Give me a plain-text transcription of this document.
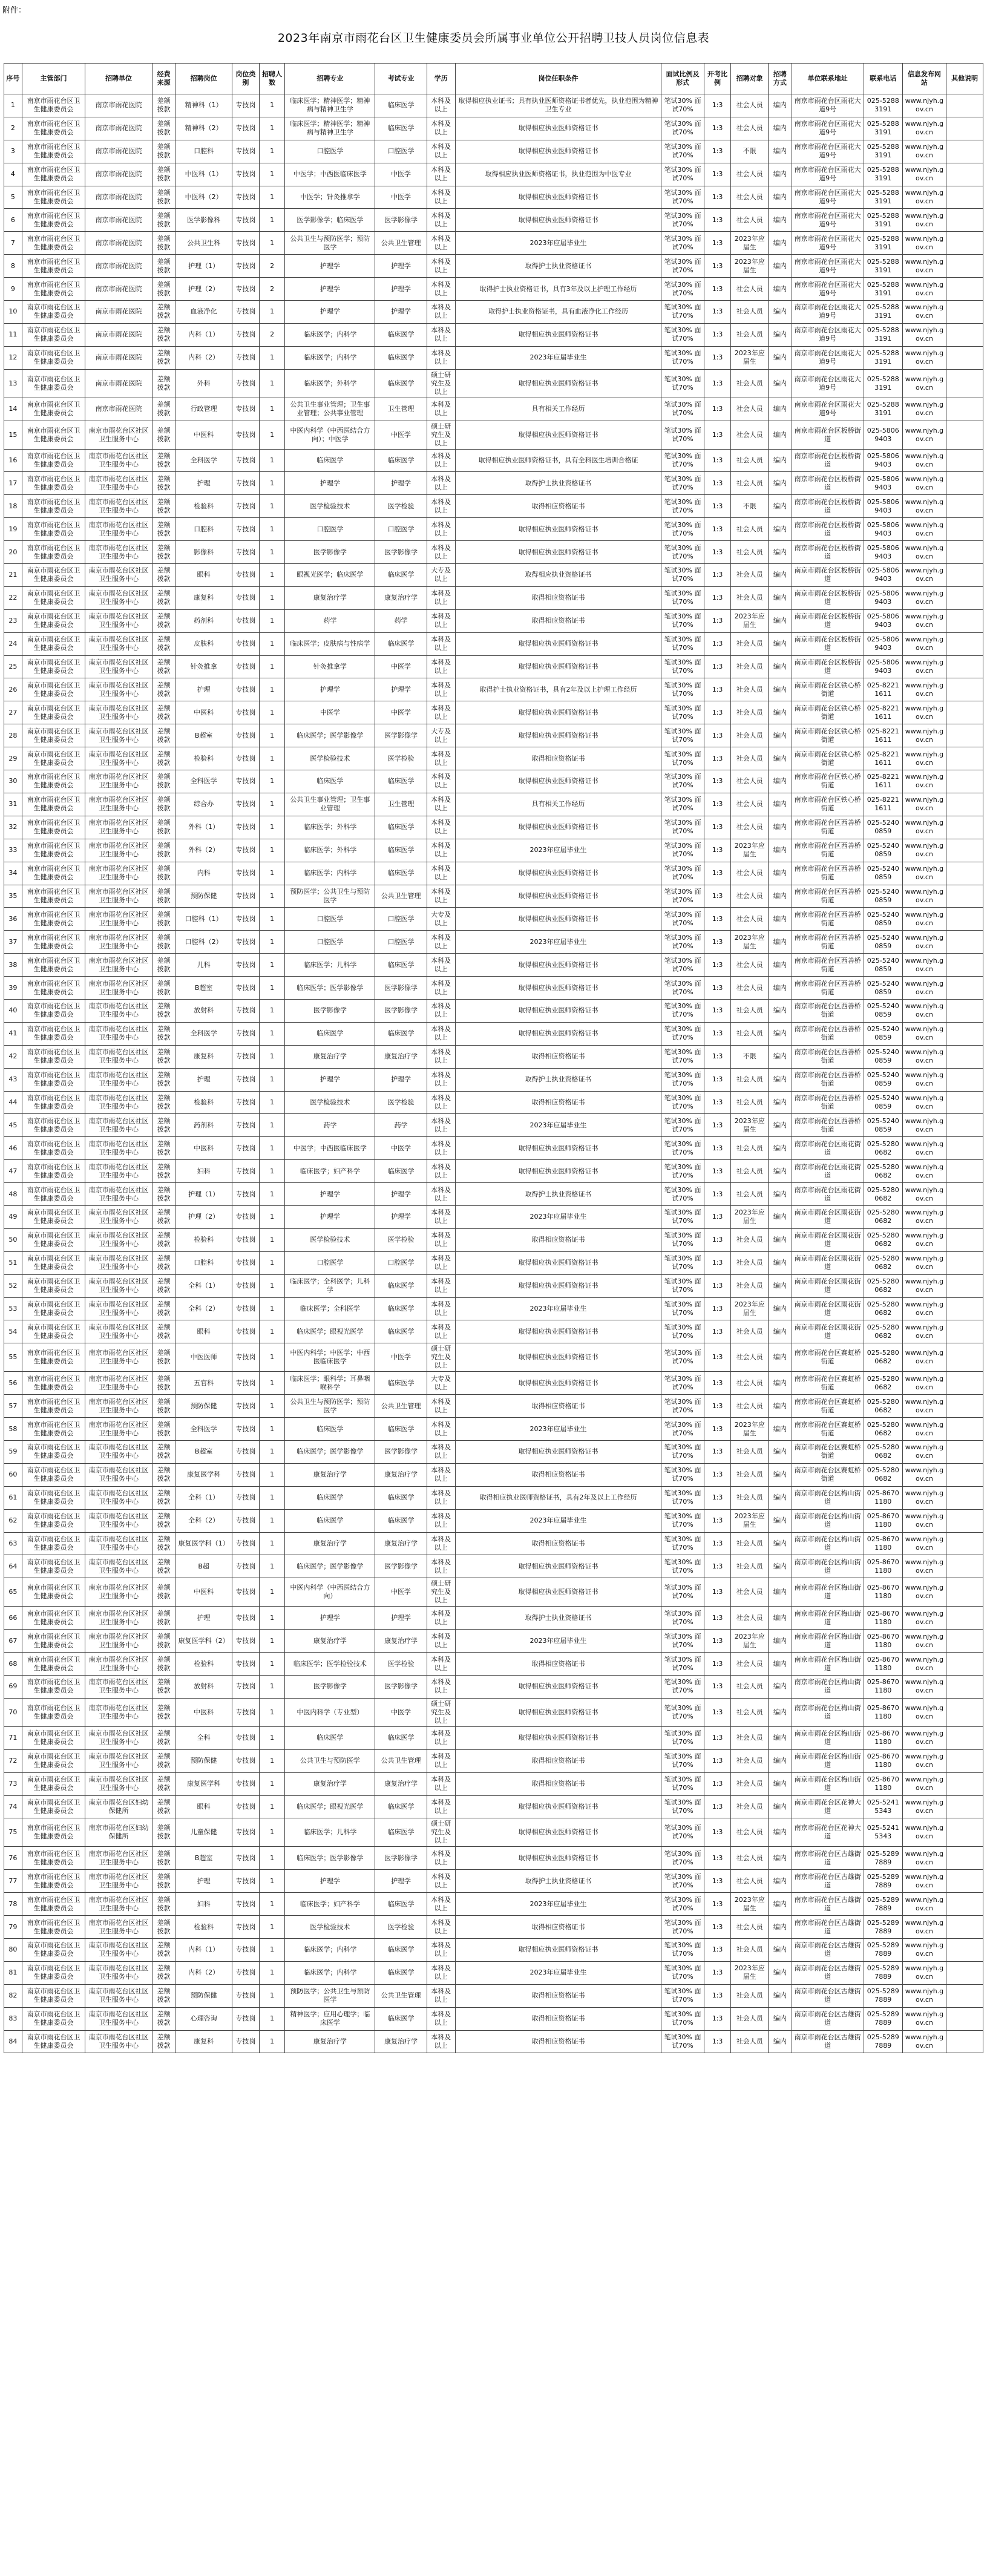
附件：
2023年南京市雨花台区卫生健康委员会所属事业单位公开招聘卫技人员岗位信息表
序号	主管部门	招聘单位	经费来源	招聘岗位	岗位类别	招聘人数	招聘专业	考试专业	学历	岗位任职条件	面试比例及形式	开考比例	招聘对象	招聘方式	单位联系地址	联系电话	信息发布网站	其他说明
1	南京市雨花台区卫生健康委员会	南京市雨花医院	差额拨款	精神科（1）	专技岗	1	临床医学；精神医学；精神病与精神卫生学	临床医学	本科及以上	取得相应执业证书；具有执业医师资格证书者优先，执业范围为精神卫生专业	笔试30% 面试70%	1:3	社会人员	编内	南京市雨花台区雨花大道9号	025-52883191	www.njyh.gov.cn	
2	南京市雨花台区卫生健康委员会	南京市雨花医院	差额拨款	精神科（2）	专技岗	1	临床医学；精神医学；精神病与精神卫生学	临床医学	本科及以上	取得相应执业医师资格证书	笔试30% 面试70%	1:3	社会人员	编内	南京市雨花台区雨花大道9号	025-52883191	www.njyh.gov.cn	
3	南京市雨花台区卫生健康委员会	南京市雨花医院	差额拨款	口腔科	专技岗	1	口腔医学	口腔医学	本科及以上	取得相应执业医师资格证书	笔试30% 面试70%	1:3	不限	编内	南京市雨花台区雨花大道9号	025-52883191	www.njyh.gov.cn	
4	南京市雨花台区卫生健康委员会	南京市雨花医院	差额拨款	中医科（1）	专技岗	1	中医学；中西医临床医学	中医学	本科及以上	取得相应执业医师资格证书，执业范围为中医专业	笔试30% 面试70%	1:3	社会人员	编内	南京市雨花台区雨花大道9号	025-52883191	www.njyh.gov.cn	
5	南京市雨花台区卫生健康委员会	南京市雨花医院	差额拨款	中医科（2）	专技岗	1	中医学；针灸推拿学	中医学	本科及以上	取得相应执业医师资格证书	笔试30% 面试70%	1:3	社会人员	编内	南京市雨花台区雨花大道9号	025-52883191	www.njyh.gov.cn	
6	南京市雨花台区卫生健康委员会	南京市雨花医院	差额拨款	医学影像科	专技岗	1	医学影像学；临床医学	医学影像学	本科及以上	取得相应执业医师资格证书	笔试30% 面试70%	1:3	社会人员	编内	南京市雨花台区雨花大道9号	025-52883191	www.njyh.gov.cn	
7	南京市雨花台区卫生健康委员会	南京市雨花医院	差额拨款	公共卫生科	专技岗	1	公共卫生与预防医学；预防医学	公共卫生管理	本科及以上	2023年应届毕业生	笔试30% 面试70%	1:3	2023年应届生	编内	南京市雨花台区雨花大道9号	025-52883191	www.njyh.gov.cn	
8	南京市雨花台区卫生健康委员会	南京市雨花医院	差额拨款	护理（1）	专技岗	2	护理学	护理学	本科及以上	取得护士执业资格证书	笔试30% 面试70%	1:3	2023年应届生	编内	南京市雨花台区雨花大道9号	025-52883191	www.njyh.gov.cn	
9	南京市雨花台区卫生健康委员会	南京市雨花医院	差额拨款	护理（2）	专技岗	2	护理学	护理学	本科及以上	取得护士执业资格证书，具有3年及以上护理工作经历	笔试30% 面试70%	1:3	社会人员	编内	南京市雨花台区雨花大道9号	025-52883191	www.njyh.gov.cn	
10	南京市雨花台区卫生健康委员会	南京市雨花医院	差额拨款	血液净化	专技岗	1	护理学	护理学	本科及以上	取得护士执业资格证书，具有血液净化工作经历	笔试30% 面试70%	1:3	社会人员	编内	南京市雨花台区雨花大道9号	025-52883191	www.njyh.gov.cn	
11	南京市雨花台区卫生健康委员会	南京市雨花医院	差额拨款	内科（1）	专技岗	2	临床医学；内科学	临床医学	本科及以上	取得相应执业医师资格证书	笔试30% 面试70%	1:3	社会人员	编内	南京市雨花台区雨花大道9号	025-52883191	www.njyh.gov.cn	
12	南京市雨花台区卫生健康委员会	南京市雨花医院	差额拨款	内科（2）	专技岗	1	临床医学；内科学	临床医学	本科及以上	2023年应届毕业生	笔试30% 面试70%	1:3	2023年应届生	编内	南京市雨花台区雨花大道9号	025-52883191	www.njyh.gov.cn	
13	南京市雨花台区卫生健康委员会	南京市雨花医院	差额拨款	外科	专技岗	1	临床医学；外科学	临床医学	硕士研究生及以上	取得相应执业医师资格证书	笔试30% 面试70%	1:3	社会人员	编内	南京市雨花台区雨花大道9号	025-52883191	www.njyh.gov.cn	
14	南京市雨花台区卫生健康委员会	南京市雨花医院	差额拨款	行政管理	专技岗	1	公共卫生事业管理；卫生事业管理；公共事业管理	卫生管理	本科及以上	具有相关工作经历	笔试30% 面试70%	1:3	社会人员	编内	南京市雨花台区雨花大道9号	025-52883191	www.njyh.gov.cn	
15	南京市雨花台区卫生健康委员会	南京市雨花台区社区卫生服务中心	差额拨款	中医科	专技岗	1	中医内科学（中西医结合方向）；中医学	中医学	硕士研究生及以上	取得相应执业医师资格证书	笔试30% 面试70%	1:3	社会人员	编内	南京市雨花台区板桥街道	025-58069403	www.njyh.gov.cn	
16	南京市雨花台区卫生健康委员会	南京市雨花台区社区卫生服务中心	差额拨款	全科医学	专技岗	1	临床医学	临床医学	本科及以上	取得相应执业医师资格证书，具有全科医生培训合格证	笔试30% 面试70%	1:3	社会人员	编内	南京市雨花台区板桥街道	025-58069403	www.njyh.gov.cn	
17	南京市雨花台区卫生健康委员会	南京市雨花台区社区卫生服务中心	差额拨款	护理	专技岗	1	护理学	护理学	本科及以上	取得护士执业资格证书	笔试30% 面试70%	1:3	社会人员	编内	南京市雨花台区板桥街道	025-58069403	www.njyh.gov.cn	
18	南京市雨花台区卫生健康委员会	南京市雨花台区社区卫生服务中心	差额拨款	检验科	专技岗	1	医学检验技术	医学检验	本科及以上	取得相应资格证书	笔试30% 面试70%	1:3	不限	编内	南京市雨花台区板桥街道	025-58069403	www.njyh.gov.cn	
19	南京市雨花台区卫生健康委员会	南京市雨花台区社区卫生服务中心	差额拨款	口腔科	专技岗	1	口腔医学	口腔医学	本科及以上	取得相应执业医师资格证书	笔试30% 面试70%	1:3	社会人员	编内	南京市雨花台区板桥街道	025-58069403	www.njyh.gov.cn	
20	南京市雨花台区卫生健康委员会	南京市雨花台区社区卫生服务中心	差额拨款	影像科	专技岗	1	医学影像学	医学影像学	本科及以上	取得相应执业医师资格证书	笔试30% 面试70%	1:3	社会人员	编内	南京市雨花台区板桥街道	025-58069403	www.njyh.gov.cn	
21	南京市雨花台区卫生健康委员会	南京市雨花台区社区卫生服务中心	差额拨款	眼科	专技岗	1	眼视光医学；临床医学	临床医学	大专及以上	取得相应执业资格证书	笔试30% 面试70%	1:3	社会人员	编内	南京市雨花台区板桥街道	025-58069403	www.njyh.gov.cn	
22	南京市雨花台区卫生健康委员会	南京市雨花台区社区卫生服务中心	差额拨款	康复科	专技岗	1	康复治疗学	康复治疗学	本科及以上	取得相应资格证书	笔试30% 面试70%	1:3	社会人员	编内	南京市雨花台区板桥街道	025-58069403	www.njyh.gov.cn	
23	南京市雨花台区卫生健康委员会	南京市雨花台区社区卫生服务中心	差额拨款	药剂科	专技岗	1	药学	药学	本科及以上	取得相应资格证书	笔试30% 面试70%	1:3	2023年应届生	编内	南京市雨花台区板桥街道	025-58069403	www.njyh.gov.cn	
24	南京市雨花台区卫生健康委员会	南京市雨花台区社区卫生服务中心	差额拨款	皮肤科	专技岗	1	临床医学；皮肤病与性病学	临床医学	本科及以上	取得相应执业医师资格证书	笔试30% 面试70%	1:3	社会人员	编内	南京市雨花台区板桥街道	025-58069403	www.njyh.gov.cn	
25	南京市雨花台区卫生健康委员会	南京市雨花台区社区卫生服务中心	差额拨款	针灸推拿	专技岗	1	针灸推拿学	中医学	本科及以上	取得相应执业医师资格证书	笔试30% 面试70%	1:3	社会人员	编内	南京市雨花台区板桥街道	025-58069403	www.njyh.gov.cn	
26	南京市雨花台区卫生健康委员会	南京市雨花台区社区卫生服务中心	差额拨款	护理	专技岗	1	护理学	护理学	本科及以上	取得护士执业资格证书，具有2年及以上护理工作经历	笔试30% 面试70%	1:3	社会人员	编内	南京市雨花台区铁心桥街道	025-82211611	www.njyh.gov.cn	
27	南京市雨花台区卫生健康委员会	南京市雨花台区社区卫生服务中心	差额拨款	中医科	专技岗	1	中医学	中医学	本科及以上	取得相应执业医师资格证书	笔试30% 面试70%	1:3	社会人员	编内	南京市雨花台区铁心桥街道	025-82211611	www.njyh.gov.cn	
28	南京市雨花台区卫生健康委员会	南京市雨花台区社区卫生服务中心	差额拨款	B超室	专技岗	1	临床医学；医学影像学	医学影像学	大专及以上	取得相应执业医师资格证书	笔试30% 面试70%	1:3	社会人员	编内	南京市雨花台区铁心桥街道	025-82211611	www.njyh.gov.cn	
29	南京市雨花台区卫生健康委员会	南京市雨花台区社区卫生服务中心	差额拨款	检验科	专技岗	1	医学检验技术	医学检验	本科及以上	取得相应资格证书	笔试30% 面试70%	1:3	社会人员	编内	南京市雨花台区铁心桥街道	025-82211611	www.njyh.gov.cn	
30	南京市雨花台区卫生健康委员会	南京市雨花台区社区卫生服务中心	差额拨款	全科医学	专技岗	1	临床医学	临床医学	本科及以上	取得相应执业医师资格证书	笔试30% 面试70%	1:3	社会人员	编内	南京市雨花台区铁心桥街道	025-82211611	www.njyh.gov.cn	
31	南京市雨花台区卫生健康委员会	南京市雨花台区社区卫生服务中心	差额拨款	综合办	专技岗	1	公共卫生事业管理；卫生事业管理	卫生管理	本科及以上	具有相关工作经历	笔试30% 面试70%	1:3	社会人员	编内	南京市雨花台区铁心桥街道	025-82211611	www.njyh.gov.cn	
32	南京市雨花台区卫生健康委员会	南京市雨花台区社区卫生服务中心	差额拨款	外科（1）	专技岗	1	临床医学；外科学	临床医学	本科及以上	取得相应执业医师资格证书	笔试30% 面试70%	1:3	社会人员	编内	南京市雨花台区西善桥街道	025-52400859	www.njyh.gov.cn	
33	南京市雨花台区卫生健康委员会	南京市雨花台区社区卫生服务中心	差额拨款	外科（2）	专技岗	1	临床医学；外科学	临床医学	本科及以上	2023年应届毕业生	笔试30% 面试70%	1:3	2023年应届生	编内	南京市雨花台区西善桥街道	025-52400859	www.njyh.gov.cn	
34	南京市雨花台区卫生健康委员会	南京市雨花台区社区卫生服务中心	差额拨款	内科	专技岗	1	临床医学；内科学	临床医学	本科及以上	取得相应执业医师资格证书	笔试30% 面试70%	1:3	社会人员	编内	南京市雨花台区西善桥街道	025-52400859	www.njyh.gov.cn	
35	南京市雨花台区卫生健康委员会	南京市雨花台区社区卫生服务中心	差额拨款	预防保健	专技岗	1	预防医学；公共卫生与预防医学	公共卫生管理	本科及以上	取得相应执业医师资格证书	笔试30% 面试70%	1:3	社会人员	编内	南京市雨花台区西善桥街道	025-52400859	www.njyh.gov.cn	
36	南京市雨花台区卫生健康委员会	南京市雨花台区社区卫生服务中心	差额拨款	口腔科（1）	专技岗	1	口腔医学	口腔医学	大专及以上	取得相应执业医师资格证书	笔试30% 面试70%	1:3	社会人员	编内	南京市雨花台区西善桥街道	025-52400859	www.njyh.gov.cn	
37	南京市雨花台区卫生健康委员会	南京市雨花台区社区卫生服务中心	差额拨款	口腔科（2）	专技岗	1	口腔医学	口腔医学	本科及以上	2023年应届毕业生	笔试30% 面试70%	1:3	2023年应届生	编内	南京市雨花台区西善桥街道	025-52400859	www.njyh.gov.cn	
38	南京市雨花台区卫生健康委员会	南京市雨花台区社区卫生服务中心	差额拨款	儿科	专技岗	1	临床医学；儿科学	临床医学	本科及以上	取得相应执业医师资格证书	笔试30% 面试70%	1:3	社会人员	编内	南京市雨花台区西善桥街道	025-52400859	www.njyh.gov.cn	
39	南京市雨花台区卫生健康委员会	南京市雨花台区社区卫生服务中心	差额拨款	B超室	专技岗	1	临床医学；医学影像学	医学影像学	本科及以上	取得相应执业医师资格证书	笔试30% 面试70%	1:3	社会人员	编内	南京市雨花台区西善桥街道	025-52400859	www.njyh.gov.cn	
40	南京市雨花台区卫生健康委员会	南京市雨花台区社区卫生服务中心	差额拨款	放射科	专技岗	1	医学影像学	医学影像学	本科及以上	取得相应执业医师资格证书	笔试30% 面试70%	1:3	社会人员	编内	南京市雨花台区西善桥街道	025-52400859	www.njyh.gov.cn	
41	南京市雨花台区卫生健康委员会	南京市雨花台区社区卫生服务中心	差额拨款	全科医学	专技岗	1	临床医学	临床医学	本科及以上	取得相应执业医师资格证书	笔试30% 面试70%	1:3	社会人员	编内	南京市雨花台区西善桥街道	025-52400859	www.njyh.gov.cn	
42	南京市雨花台区卫生健康委员会	南京市雨花台区社区卫生服务中心	差额拨款	康复科	专技岗	1	康复治疗学	康复治疗学	本科及以上	取得相应资格证书	笔试30% 面试70%	1:3	不限	编内	南京市雨花台区西善桥街道	025-52400859	www.njyh.gov.cn	
43	南京市雨花台区卫生健康委员会	南京市雨花台区社区卫生服务中心	差额拨款	护理	专技岗	1	护理学	护理学	本科及以上	取得护士执业资格证书	笔试30% 面试70%	1:3	社会人员	编内	南京市雨花台区西善桥街道	025-52400859	www.njyh.gov.cn	
44	南京市雨花台区卫生健康委员会	南京市雨花台区社区卫生服务中心	差额拨款	检验科	专技岗	1	医学检验技术	医学检验	本科及以上	取得相应资格证书	笔试30% 面试70%	1:3	社会人员	编内	南京市雨花台区西善桥街道	025-52400859	www.njyh.gov.cn	
45	南京市雨花台区卫生健康委员会	南京市雨花台区社区卫生服务中心	差额拨款	药剂科	专技岗	1	药学	药学	本科及以上	2023年应届毕业生	笔试30% 面试70%	1:3	2023年应届生	编内	南京市雨花台区西善桥街道	025-52400859	www.njyh.gov.cn	
46	南京市雨花台区卫生健康委员会	南京市雨花台区社区卫生服务中心	差额拨款	中医科	专技岗	1	中医学；中西医临床医学	中医学	本科及以上	取得相应执业医师资格证书	笔试30% 面试70%	1:3	社会人员	编内	南京市雨花台区雨花街道	025-52800682	www.njyh.gov.cn	
47	南京市雨花台区卫生健康委员会	南京市雨花台区社区卫生服务中心	差额拨款	妇科	专技岗	1	临床医学；妇产科学	临床医学	本科及以上	取得相应执业医师资格证书	笔试30% 面试70%	1:3	社会人员	编内	南京市雨花台区雨花街道	025-52800682	www.njyh.gov.cn	
48	南京市雨花台区卫生健康委员会	南京市雨花台区社区卫生服务中心	差额拨款	护理（1）	专技岗	1	护理学	护理学	本科及以上	取得护士执业资格证书	笔试30% 面试70%	1:3	社会人员	编内	南京市雨花台区雨花街道	025-52800682	www.njyh.gov.cn	
49	南京市雨花台区卫生健康委员会	南京市雨花台区社区卫生服务中心	差额拨款	护理（2）	专技岗	1	护理学	护理学	本科及以上	2023年应届毕业生	笔试30% 面试70%	1:3	2023年应届生	编内	南京市雨花台区雨花街道	025-52800682	www.njyh.gov.cn	
50	南京市雨花台区卫生健康委员会	南京市雨花台区社区卫生服务中心	差额拨款	检验科	专技岗	1	医学检验技术	医学检验	本科及以上	取得相应资格证书	笔试30% 面试70%	1:3	社会人员	编内	南京市雨花台区雨花街道	025-52800682	www.njyh.gov.cn	
51	南京市雨花台区卫生健康委员会	南京市雨花台区社区卫生服务中心	差额拨款	口腔科	专技岗	1	口腔医学	口腔医学	本科及以上	取得相应执业医师资格证书	笔试30% 面试70%	1:3	社会人员	编内	南京市雨花台区雨花街道	025-52800682	www.njyh.gov.cn	
52	南京市雨花台区卫生健康委员会	南京市雨花台区社区卫生服务中心	差额拨款	全科（1）	专技岗	1	临床医学；全科医学；儿科学	临床医学	本科及以上	取得相应执业医师资格证书	笔试30% 面试70%	1:3	社会人员	编内	南京市雨花台区雨花街道	025-52800682	www.njyh.gov.cn	
53	南京市雨花台区卫生健康委员会	南京市雨花台区社区卫生服务中心	差额拨款	全科（2）	专技岗	1	临床医学；全科医学	临床医学	本科及以上	2023年应届毕业生	笔试30% 面试70%	1:3	2023年应届生	编内	南京市雨花台区雨花街道	025-52800682	www.njyh.gov.cn	
54	南京市雨花台区卫生健康委员会	南京市雨花台区社区卫生服务中心	差额拨款	眼科	专技岗	1	临床医学；眼视光医学	临床医学	本科及以上	取得相应执业医师资格证书	笔试30% 面试70%	1:3	社会人员	编内	南京市雨花台区雨花街道	025-52800682	www.njyh.gov.cn	
55	南京市雨花台区卫生健康委员会	南京市雨花台区社区卫生服务中心	差额拨款	中医医师	专技岗	1	中医内科学；中医学；中西医临床医学	中医学	硕士研究生及以上	取得相应执业医师资格证书	笔试30% 面试70%	1:3	社会人员	编内	南京市雨花台区赛虹桥街道	025-52800682	www.njyh.gov.cn	
56	南京市雨花台区卫生健康委员会	南京市雨花台区社区卫生服务中心	差额拨款	五官科	专技岗	1	临床医学；眼科学；耳鼻咽喉科学	临床医学	大专及以上	取得相应执业医师资格证书	笔试30% 面试70%	1:3	社会人员	编内	南京市雨花台区赛虹桥街道	025-52800682	www.njyh.gov.cn	
57	南京市雨花台区卫生健康委员会	南京市雨花台区社区卫生服务中心	差额拨款	预防保健	专技岗	1	公共卫生与预防医学；预防医学	公共卫生管理	本科及以上	取得相应资格证书	笔试30% 面试70%	1:3	社会人员	编内	南京市雨花台区赛虹桥街道	025-52800682	www.njyh.gov.cn	
58	南京市雨花台区卫生健康委员会	南京市雨花台区社区卫生服务中心	差额拨款	全科医学	专技岗	1	临床医学	临床医学	本科及以上	2023年应届毕业生	笔试30% 面试70%	1:3	2023年应届生	编内	南京市雨花台区赛虹桥街道	025-52800682	www.njyh.gov.cn	
59	南京市雨花台区卫生健康委员会	南京市雨花台区社区卫生服务中心	差额拨款	B超室	专技岗	1	临床医学；医学影像学	医学影像学	本科及以上	取得相应执业医师资格证书	笔试30% 面试70%	1:3	社会人员	编内	南京市雨花台区赛虹桥街道	025-52800682	www.njyh.gov.cn	
60	南京市雨花台区卫生健康委员会	南京市雨花台区社区卫生服务中心	差额拨款	康复医学科	专技岗	1	康复治疗学	康复治疗学	本科及以上	取得相应资格证书	笔试30% 面试70%	1:3	社会人员	编内	南京市雨花台区赛虹桥街道	025-52800682	www.njyh.gov.cn	
61	南京市雨花台区卫生健康委员会	南京市雨花台区社区卫生服务中心	差额拨款	全科（1）	专技岗	1	临床医学	临床医学	本科及以上	取得相应执业医师资格证书，具有2年及以上工作经历	笔试30% 面试70%	1:3	社会人员	编内	南京市雨花台区梅山街道	025-86701180	www.njyh.gov.cn	
62	南京市雨花台区卫生健康委员会	南京市雨花台区社区卫生服务中心	差额拨款	全科（2）	专技岗	1	临床医学	临床医学	本科及以上	2023年应届毕业生	笔试30% 面试70%	1:3	2023年应届生	编内	南京市雨花台区梅山街道	025-86701180	www.njyh.gov.cn	
63	南京市雨花台区卫生健康委员会	南京市雨花台区社区卫生服务中心	差额拨款	康复医学科（1）	专技岗	1	康复治疗学	康复治疗学	本科及以上	取得相应资格证书	笔试30% 面试70%	1:3	社会人员	编内	南京市雨花台区梅山街道	025-86701180	www.njyh.gov.cn	
64	南京市雨花台区卫生健康委员会	南京市雨花台区社区卫生服务中心	差额拨款	B超	专技岗	1	临床医学；医学影像学	医学影像学	本科及以上	取得相应执业医师资格证书	笔试30% 面试70%	1:3	社会人员	编内	南京市雨花台区梅山街道	025-86701180	www.njyh.gov.cn	
65	南京市雨花台区卫生健康委员会	南京市雨花台区社区卫生服务中心	差额拨款	中医科	专技岗	1	中医内科学（中西医结合方向）	中医学	硕士研究生及以上	取得相应执业医师资格证书	笔试30% 面试70%	1:3	社会人员	编内	南京市雨花台区梅山街道	025-86701180	www.njyh.gov.cn	
66	南京市雨花台区卫生健康委员会	南京市雨花台区社区卫生服务中心	差额拨款	护理	专技岗	1	护理学	护理学	本科及以上	取得护士执业资格证书	笔试30% 面试70%	1:3	社会人员	编内	南京市雨花台区梅山街道	025-86701180	www.njyh.gov.cn	
67	南京市雨花台区卫生健康委员会	南京市雨花台区社区卫生服务中心	差额拨款	康复医学科（2）	专技岗	1	康复治疗学	康复治疗学	本科及以上	2023年应届毕业生	笔试30% 面试70%	1:3	2023年应届生	编内	南京市雨花台区梅山街道	025-86701180	www.njyh.gov.cn	
68	南京市雨花台区卫生健康委员会	南京市雨花台区社区卫生服务中心	差额拨款	检验科	专技岗	1	临床医学；医学检验技术	医学检验	本科及以上	取得相应资格证书	笔试30% 面试70%	1:3	社会人员	编内	南京市雨花台区梅山街道	025-86701180	www.njyh.gov.cn	
69	南京市雨花台区卫生健康委员会	南京市雨花台区社区卫生服务中心	差额拨款	放射科	专技岗	1	医学影像学	医学影像学	本科及以上	取得相应执业医师资格证书	笔试30% 面试70%	1:3	社会人员	编内	南京市雨花台区梅山街道	025-86701180	www.njyh.gov.cn	
70	南京市雨花台区卫生健康委员会	南京市雨花台区社区卫生服务中心	差额拨款	中医科	专技岗	1	中医内科学（专业型）	中医学	硕士研究生及以上	取得相应执业医师资格证书	笔试30% 面试70%	1:3	社会人员	编内	南京市雨花台区梅山街道	025-86701180	www.njyh.gov.cn	
71	南京市雨花台区卫生健康委员会	南京市雨花台区社区卫生服务中心	差额拨款	全科	专技岗	1	临床医学	临床医学	本科及以上	取得相应执业医师资格证书	笔试30% 面试70%	1:3	社会人员	编内	南京市雨花台区梅山街道	025-86701180	www.njyh.gov.cn	
72	南京市雨花台区卫生健康委员会	南京市雨花台区社区卫生服务中心	差额拨款	预防保健	专技岗	1	公共卫生与预防医学	公共卫生管理	本科及以上	取得相应资格证书	笔试30% 面试70%	1:3	社会人员	编内	南京市雨花台区梅山街道	025-86701180	www.njyh.gov.cn	
73	南京市雨花台区卫生健康委员会	南京市雨花台区社区卫生服务中心	差额拨款	康复医学科	专技岗	1	康复治疗学	康复治疗学	本科及以上	取得相应资格证书	笔试30% 面试70%	1:3	社会人员	编内	南京市雨花台区梅山街道	025-86701180	www.njyh.gov.cn	
74	南京市雨花台区卫生健康委员会	南京市雨花台区妇幼保健所	差额拨款	眼科	专技岗	1	临床医学；眼视光医学	临床医学	本科及以上	取得相应执业医师资格证书	笔试30% 面试70%	1:3	社会人员	编内	南京市雨花台区花神大道	025-52415343	www.njyh.gov.cn	
75	南京市雨花台区卫生健康委员会	南京市雨花台区妇幼保健所	差额拨款	儿童保健	专技岗	1	临床医学；儿科学	临床医学	硕士研究生及以上	取得相应执业医师资格证书	笔试30% 面试70%	1:3	社会人员	编内	南京市雨花台区花神大道	025-52415343	www.njyh.gov.cn	
76	南京市雨花台区卫生健康委员会	南京市雨花台区社区卫生服务中心	差额拨款	B超室	专技岗	1	临床医学；医学影像学	医学影像学	本科及以上	取得相应执业医师资格证书	笔试30% 面试70%	1:3	社会人员	编内	南京市雨花台区古雄街道	025-52897889	www.njyh.gov.cn	
77	南京市雨花台区卫生健康委员会	南京市雨花台区社区卫生服务中心	差额拨款	护理	专技岗	1	护理学	护理学	本科及以上	取得护士执业资格证书	笔试30% 面试70%	1:3	社会人员	编内	南京市雨花台区古雄街道	025-52897889	www.njyh.gov.cn	
78	南京市雨花台区卫生健康委员会	南京市雨花台区社区卫生服务中心	差额拨款	妇科	专技岗	1	临床医学；妇产科学	临床医学	本科及以上	2023年应届毕业生	笔试30% 面试70%	1:3	2023年应届生	编内	南京市雨花台区古雄街道	025-52897889	www.njyh.gov.cn	
79	南京市雨花台区卫生健康委员会	南京市雨花台区社区卫生服务中心	差额拨款	检验科	专技岗	1	医学检验技术	医学检验	本科及以上	取得相应资格证书	笔试30% 面试70%	1:3	社会人员	编内	南京市雨花台区古雄街道	025-52897889	www.njyh.gov.cn	
80	南京市雨花台区卫生健康委员会	南京市雨花台区社区卫生服务中心	差额拨款	内科（1）	专技岗	1	临床医学；内科学	临床医学	本科及以上	取得相应执业医师资格证书	笔试30% 面试70%	1:3	社会人员	编内	南京市雨花台区古雄街道	025-52897889	www.njyh.gov.cn	
81	南京市雨花台区卫生健康委员会	南京市雨花台区社区卫生服务中心	差额拨款	内科（2）	专技岗	1	临床医学；内科学	临床医学	本科及以上	2023年应届毕业生	笔试30% 面试70%	1:3	2023年应届生	编内	南京市雨花台区古雄街道	025-52897889	www.njyh.gov.cn	
82	南京市雨花台区卫生健康委员会	南京市雨花台区社区卫生服务中心	差额拨款	预防保健	专技岗	1	预防医学；公共卫生与预防医学	公共卫生管理	本科及以上	取得相应资格证书	笔试30% 面试70%	1:3	社会人员	编内	南京市雨花台区古雄街道	025-52897889	www.njyh.gov.cn	
83	南京市雨花台区卫生健康委员会	南京市雨花台区社区卫生服务中心	差额拨款	心理咨询	专技岗	1	精神医学；应用心理学；临床医学	临床医学	本科及以上	取得相应资格证书	笔试30% 面试70%	1:3	社会人员	编内	南京市雨花台区古雄街道	025-52897889	www.njyh.gov.cn	
84	南京市雨花台区卫生健康委员会	南京市雨花台区社区卫生服务中心	差额拨款	康复科	专技岗	1	康复治疗学	康复治疗学	本科及以上	取得相应资格证书	笔试30% 面试70%	1:3	社会人员	编内	南京市雨花台区古雄街道	025-52897889	www.njyh.gov.cn	
